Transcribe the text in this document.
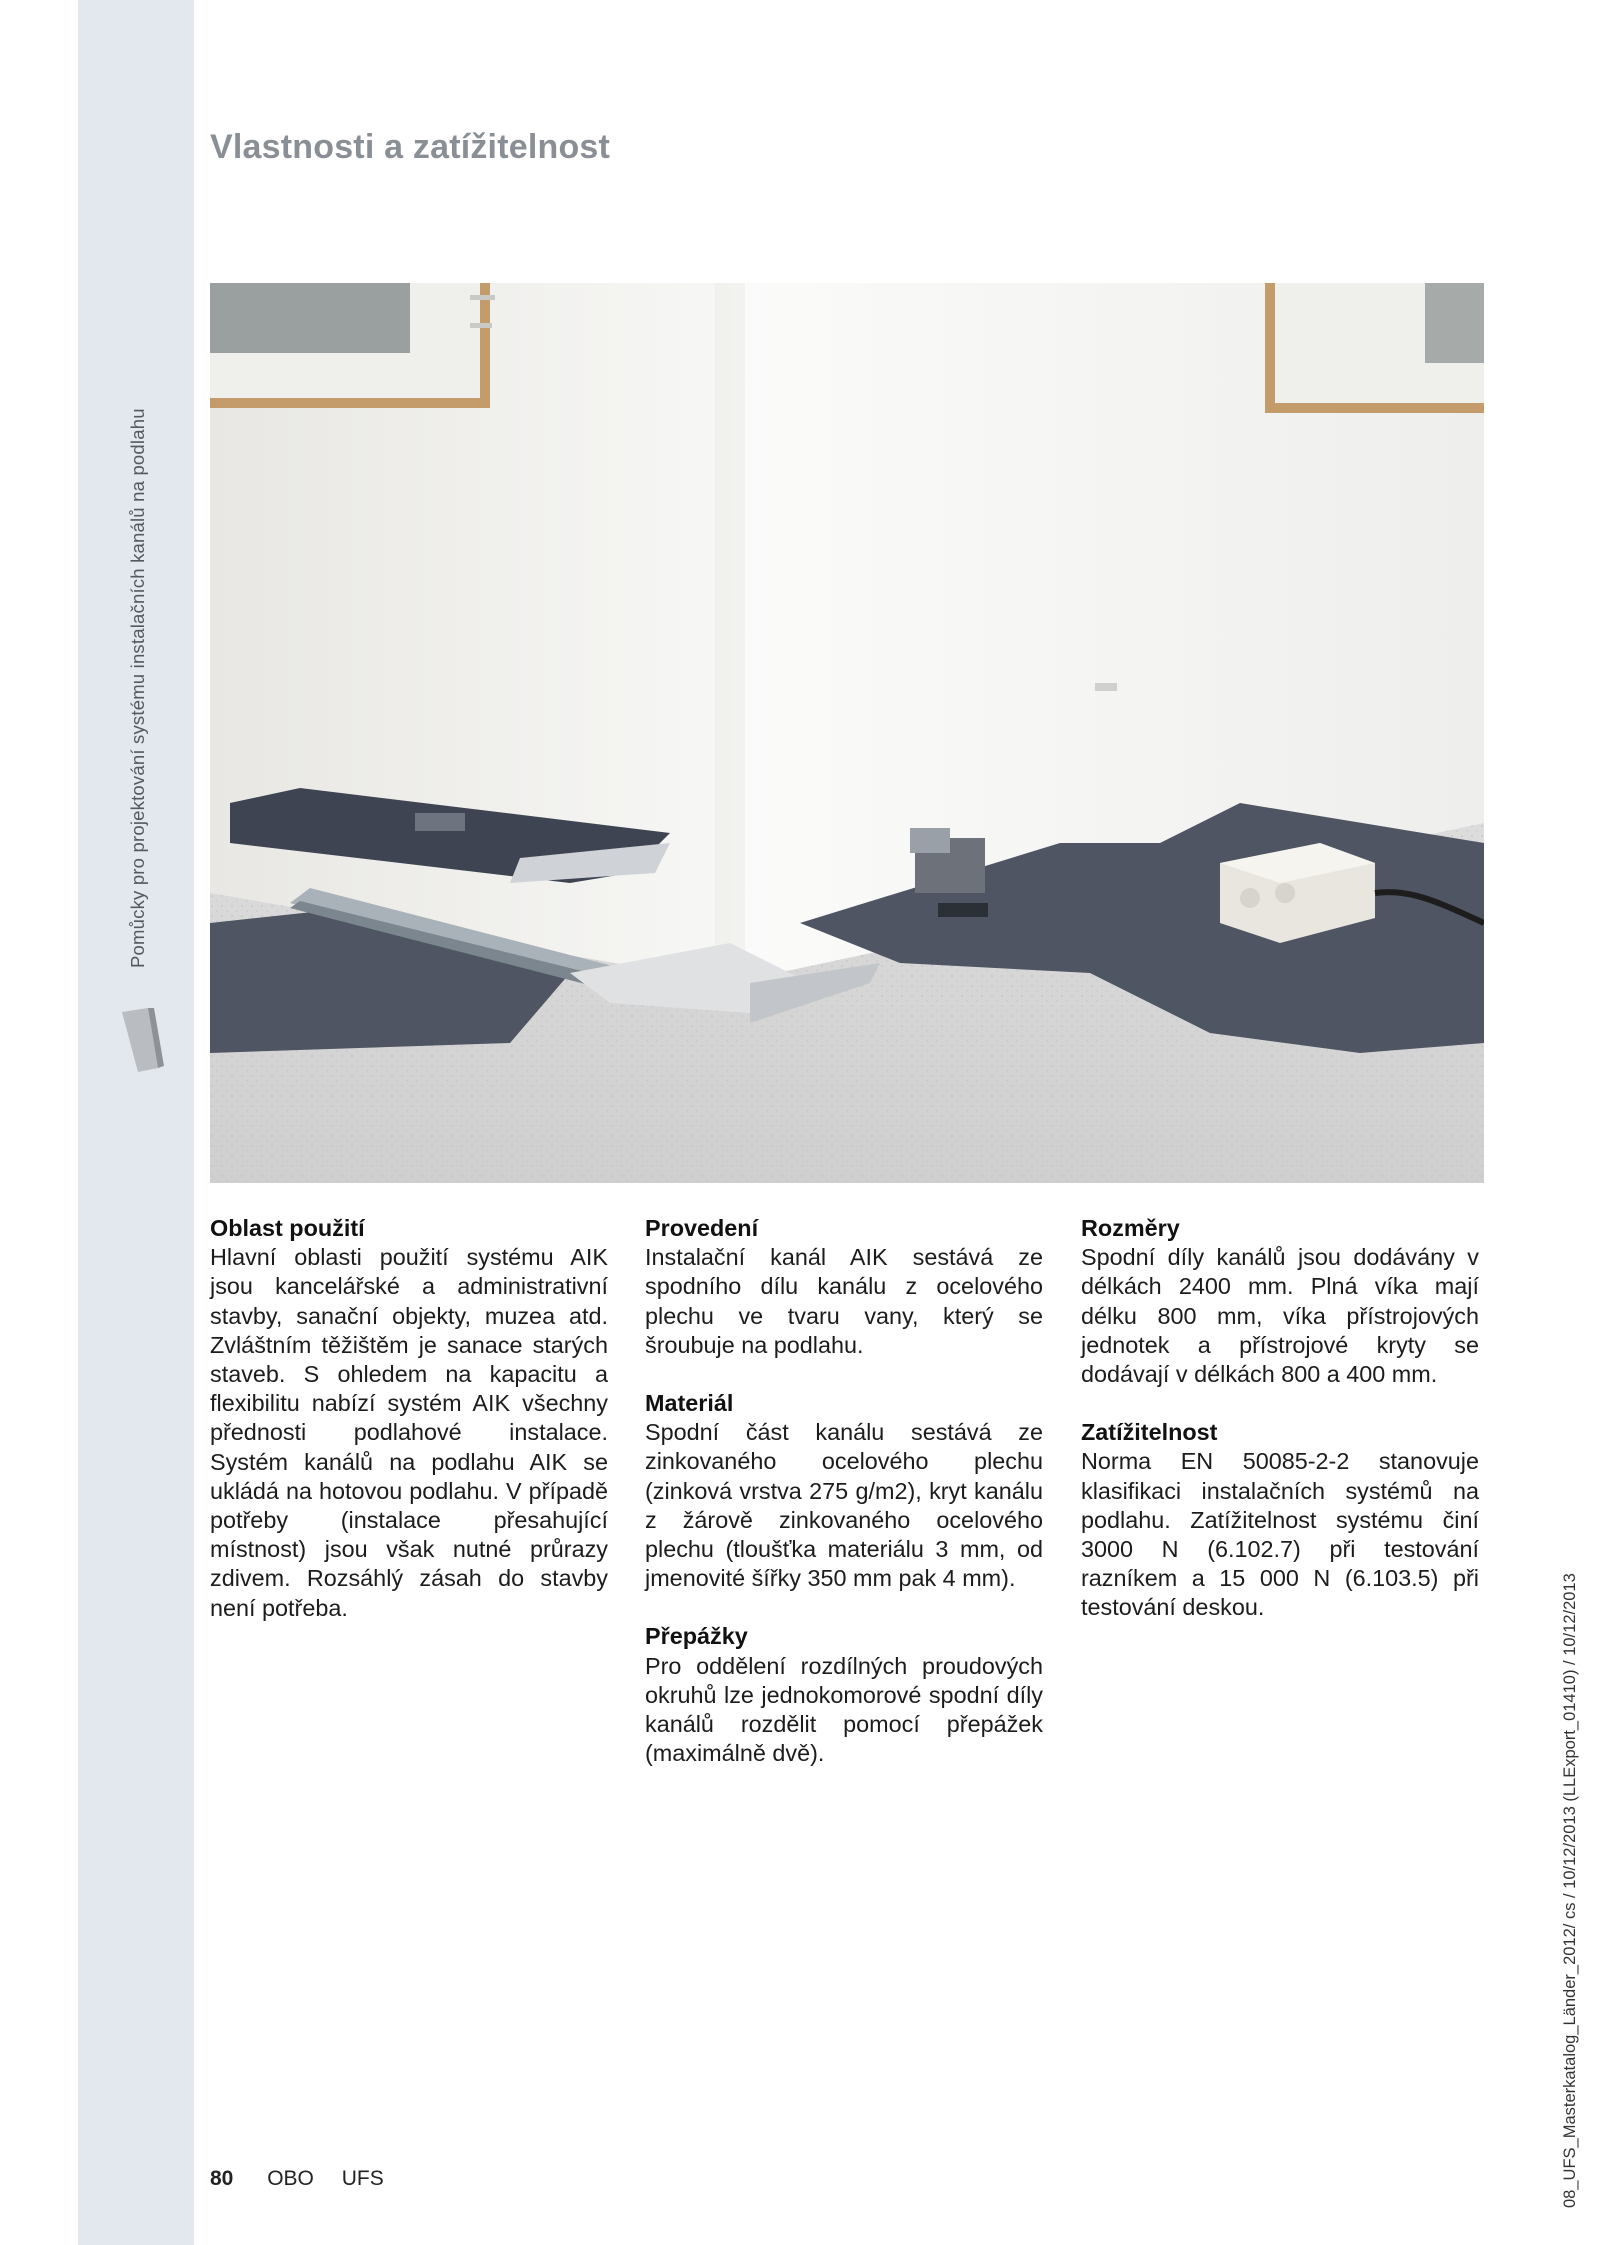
Pomůcky pro projektování systému instalačních kanálů na podlahu
Vlastnosti a zatížitelnost
Oblast použití

Hlavní oblasti použití systému AIK jsou kancelářské a administrativní stavby, sanační objekty, muzea atd. Zvláštním těžištěm je sanace starých staveb. S ohledem na kapacitu a flexibilitu nabízí systém AIK všechny přednosti podlahové instalace. Systém kanálů na podlahu AIK se ukládá na hotovou podlahu. V případě potřeby (instalace přesahující místnost) jsou však nutné průrazy zdivem. Rozsáhlý zásah do stavby není potřeba.

Provedení

Instalační kanál AIK sestává ze spodního dílu kanálu z ocelového plechu ve tvaru vany, který se šroubuje na podlahu.

Materiál

Spodní část kanálu sestává ze zinkovaného ocelového plechu (zinková vrstva 275 g/m2), kryt kanálu z žárově zinkovaného ocelového plechu (tloušťka materiálu 3 mm, od jmenovité šířky 350 mm pak 4 mm).

Přepážky

Pro oddělení rozdílných proudových okruhů lze jednokomorové spodní díly kanálů rozdělit pomocí přepážek (maximálně dvě).

Rozměry

Spodní díly kanálů jsou dodávány v délkách 2400 mm. Plná víka mají délku 800 mm, víka přístrojových jednotek a přístrojové kryty se dodávají v délkách 800 a 400 mm.

Zatížitelnost

Norma EN 50085-2-2 stanovuje klasifikaci instalačních systémů na podlahu. Zatížitelnost systému činí 3000 N (6.102.7) při testování razníkem a 15 000 N (6.103.5) při testování deskou.

80 OBO UFS	08_UFS_Masterkatalog_Länder_2012/ cs / 10/12/2013 (LLExport_01410) / 10/12/2013
